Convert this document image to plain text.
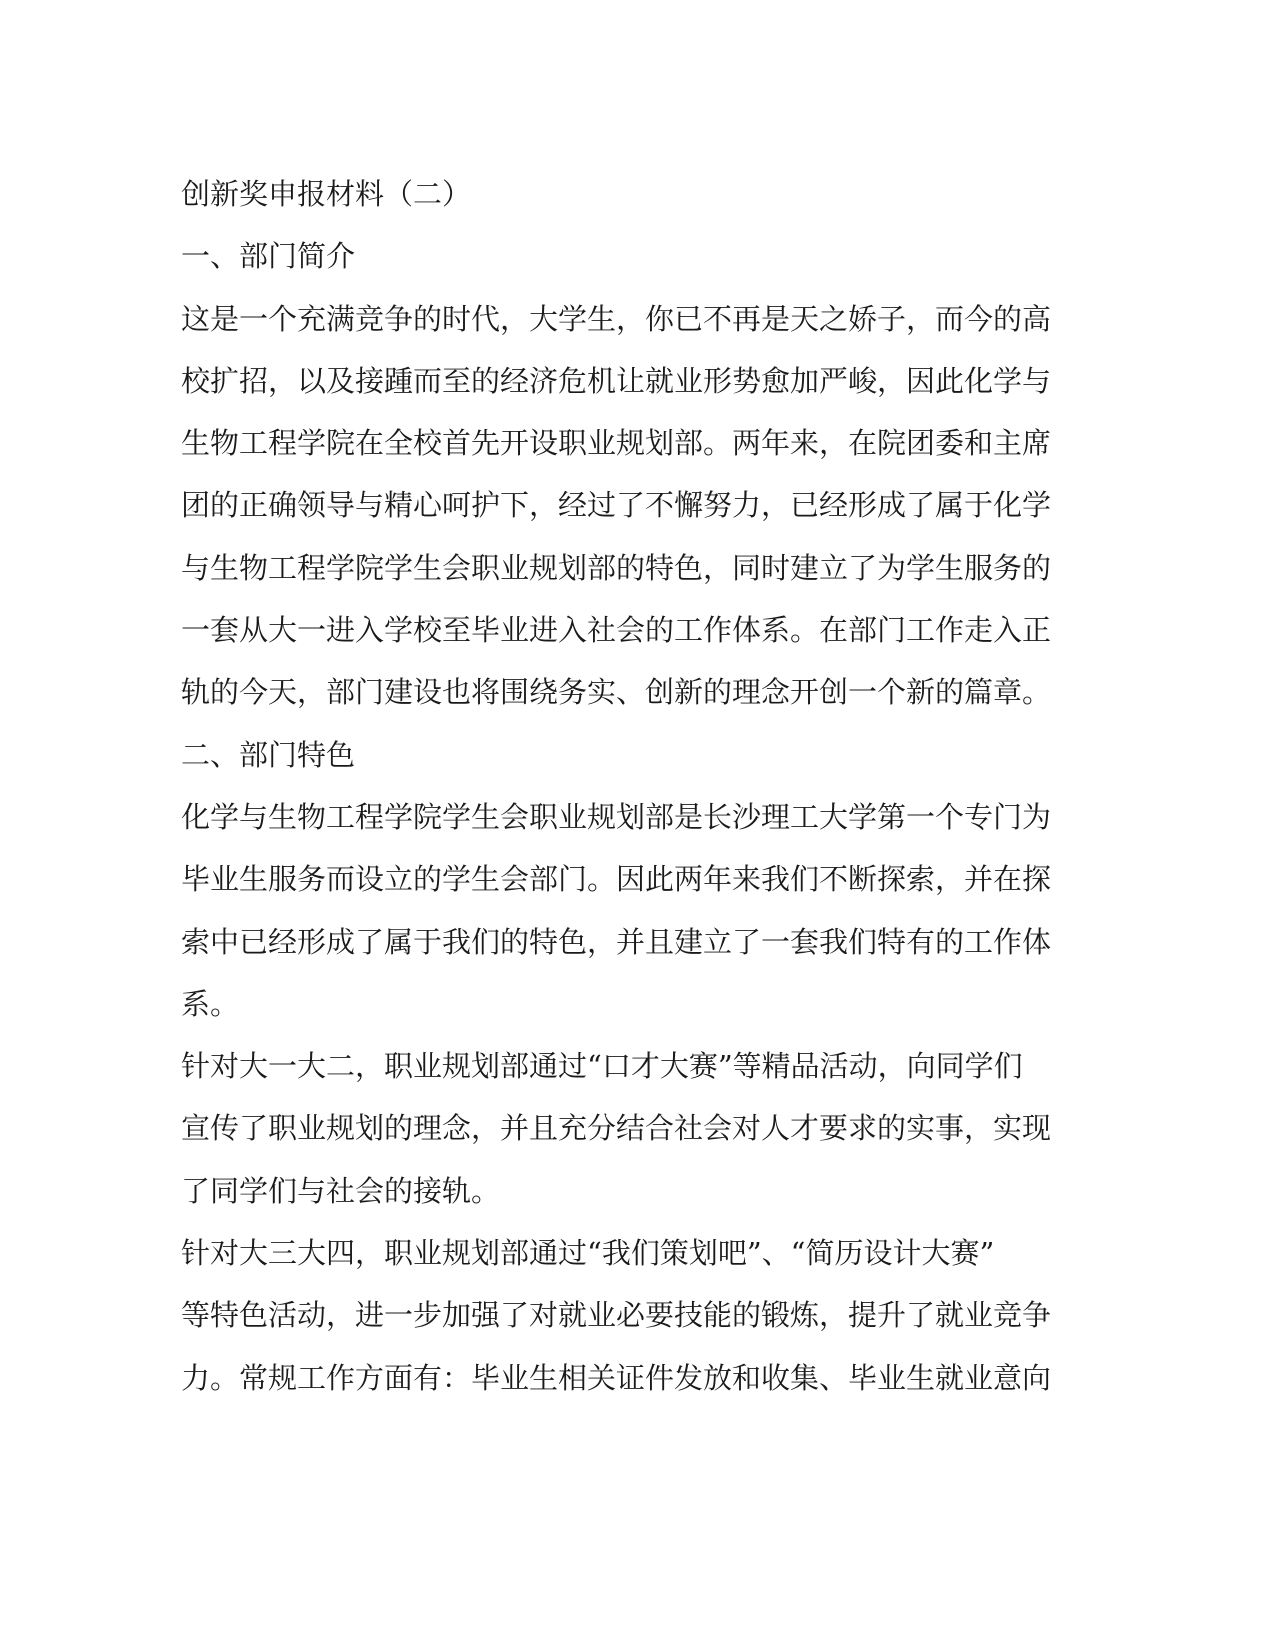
创新奖申报材料（二）
一、部门简介
这是一个充满竞争的时代，大学生，你已不再是天之娇子，而今的高
校扩招，以及接踵而至的经济危机让就业形势愈加严峻，因此化学与
生物工程学院在全校首先开设职业规划部。两年来，在院团委和主席
团的正确领导与精心呵护下，经过了不懈努力，已经形成了属于化学
与生物工程学院学生会职业规划部的特色，同时建立了为学生服务的
一套从大一进入学校至毕业进入社会的工作体系。在部门工作走入正
轨的今天，部门建设也将围绕务实、创新的理念开创一个新的篇章。
二、部门特色
化学与生物工程学院学生会职业规划部是长沙理工大学第一个专门为
毕业生服务而设立的学生会部门。因此两年来我们不断探索，并在探
索中已经形成了属于我们的特色，并且建立了一套我们特有的工作体
系。
针对大一大二，职业规划部通过“口才大赛”等精品活动，向同学们
宣传了职业规划的理念，并且充分结合社会对人才要求的实事，实现
了同学们与社会的接轨。
针对大三大四，职业规划部通过“我们策划吧”、“简历设计大赛”
等特色活动，进一步加强了对就业必要技能的锻炼，提升了就业竞争
力。常规工作方面有：毕业生相关证件发放和收集、毕业生就业意向
